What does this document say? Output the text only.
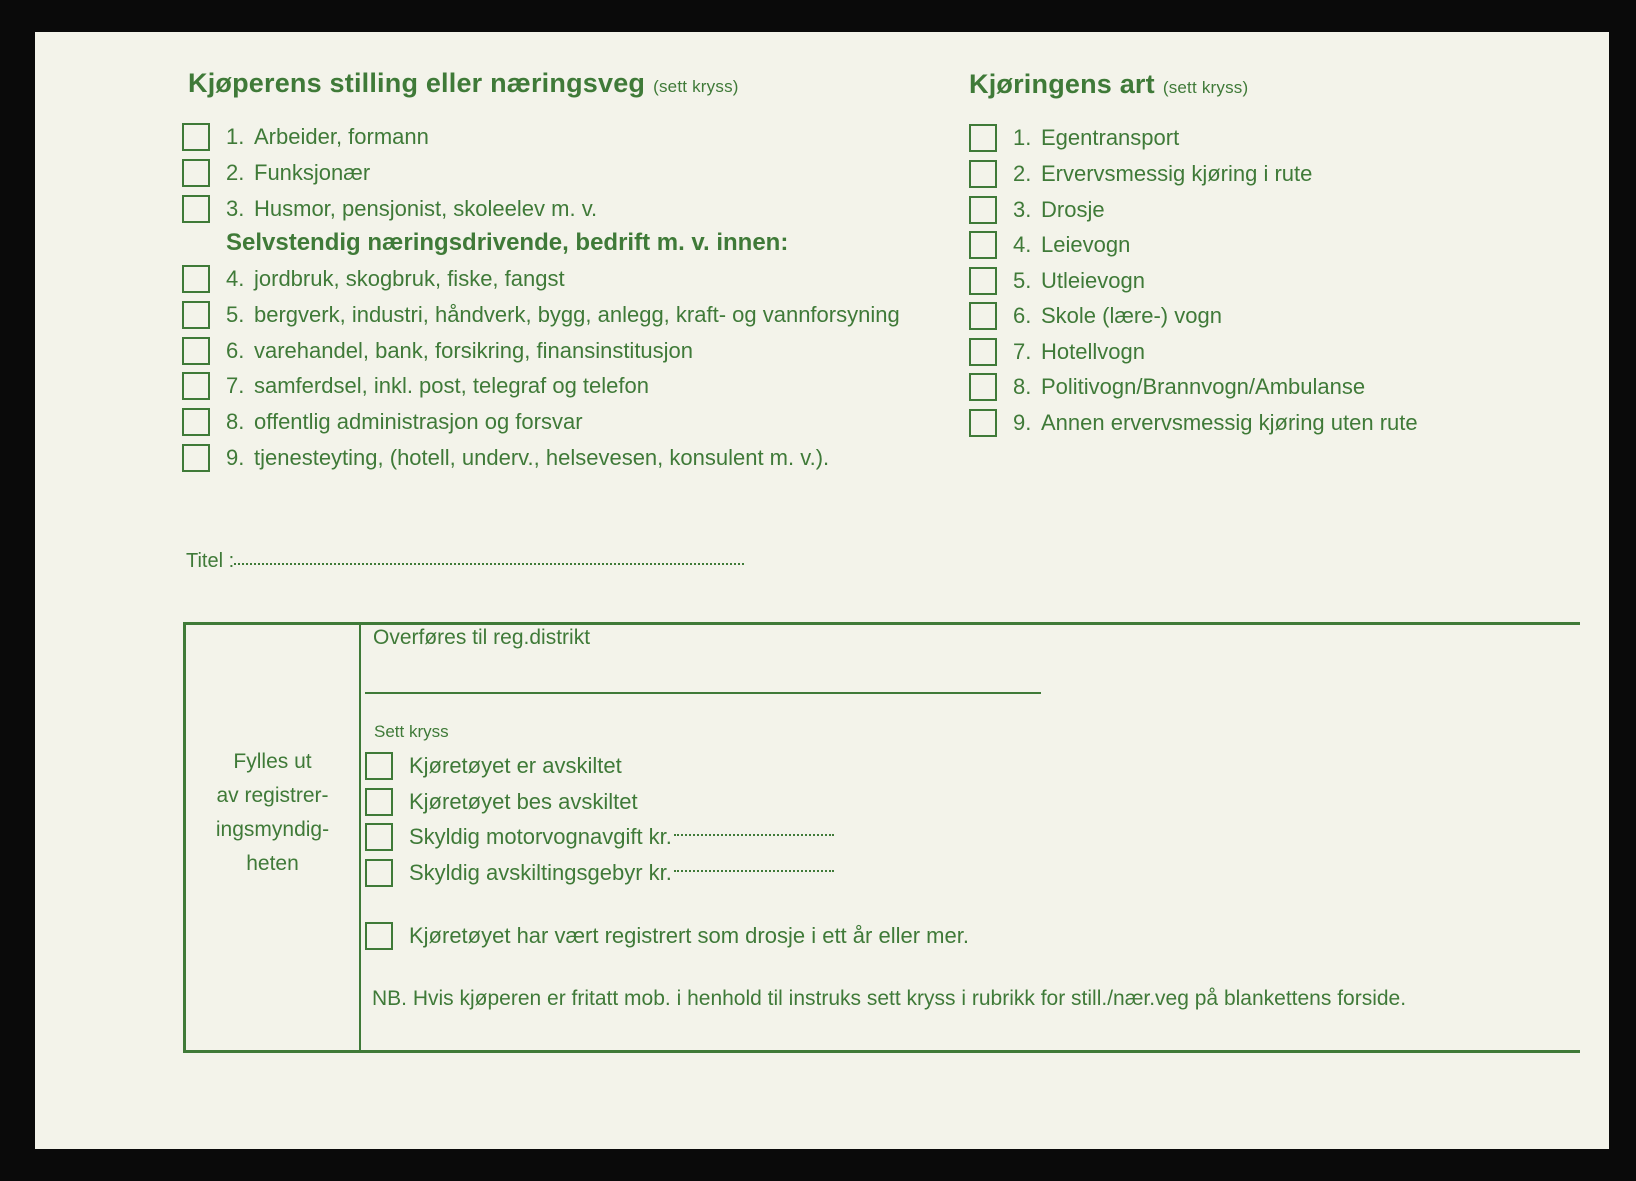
Kjøperens stilling eller næringsveg (sett kryss)
1. Arbeider, formann
2. Funksjonær
3. Husmor, pensjonist, skoleelev m. v.
Selvstendig næringsdrivende, bedrift m. v. innen:
4. jordbruk, skogbruk, fiske, fangst
5. bergverk, industri, håndverk, bygg, anlegg, kraft- og vannforsyning
6. varehandel, bank, forsikring, finansinstitusjon
7. samferdsel, inkl. post, telegraf og telefon
8. offentlig administrasjon og forsvar
9. tjenesteyting, (hotell, underv., helsevesen, konsulent m. v.).
Kjøringens art (sett kryss)
1. Egentransport
2. Ervervsmessig kjøring i rute
3. Drosje
4. Leievogn
5. Utleievogn
6. Skole (lære-) vogn
7. Hotellvogn
8. Politivogn/Brannvogn/Ambulanse
9. Annen ervervsmessig kjøring uten rute
Titel :
Fylles ut
av registrer-
ingsmyndig-
heten
Overføres til reg.distrikt
Sett kryss
Kjøretøyet er avskiltet
Kjøretøyet bes avskiltet
Skyldig motorvognavgift kr.
Skyldig avskiltingsgebyr kr.
Kjøretøyet har vært registrert som drosje i ett år eller mer.
NB. Hvis kjøperen er fritatt mob. i henhold til instruks sett kryss i rubrikk for still./nær.veg på blankettens forside.
